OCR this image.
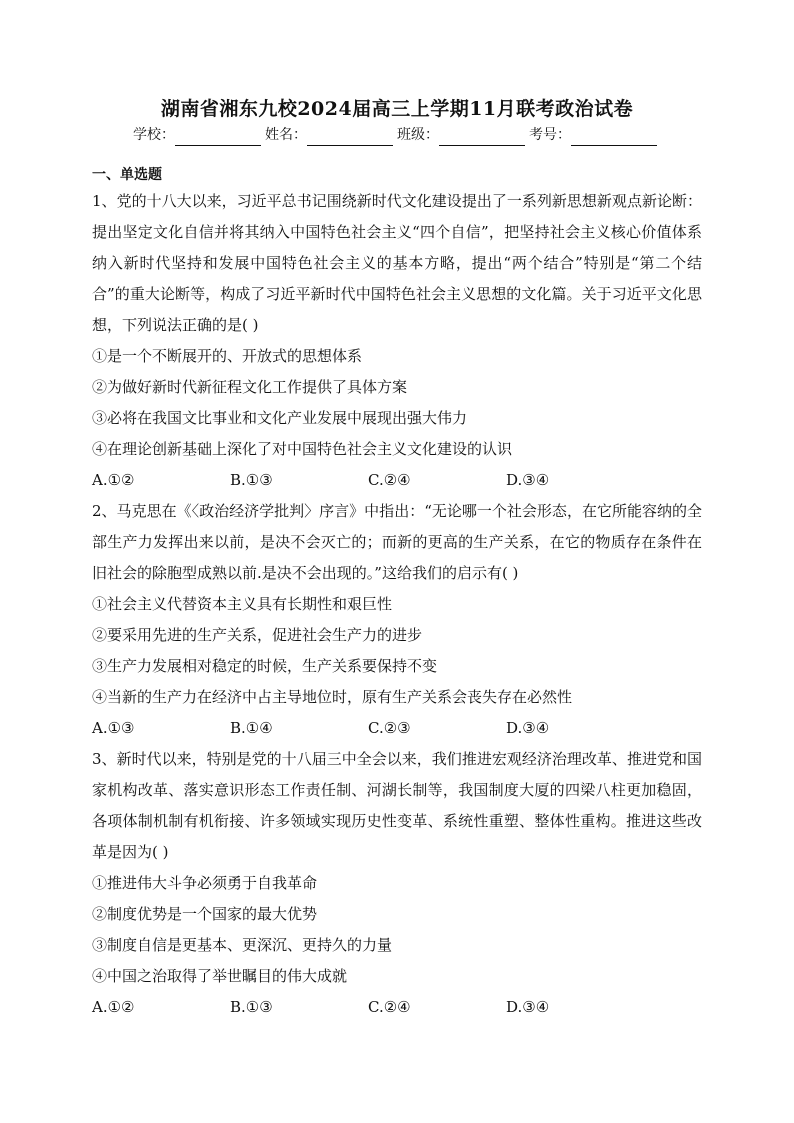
湖南省湘东九校2024届高三上学期11月联考政治试卷
学校：	姓名：	班级：	考号：
一、单选题

1、党的十八大以来，习近平总书记围绕新时代文化建设提出了一系列新思想新观点新论断：提出坚定文化自信并将其纳入中国特色社会主义“四个自信”，把坚持社会主义核心价值体系纳入新时代坚持和发展中国特色社会主义的基本方略，提出“两个结合”特别是“第二个结合”的重大论断等，构成了习近平新时代中国特色社会主义思想的文化篇。关于习近平文化思想，下列说法正确的是( )

①是一个不断展开的、开放式的思想体系

②为做好新时代新征程文化工作提供了具体方案

③必将在我国文比事业和文化产业发展中展现出强大伟力

④在理论创新基础上深化了对中国特色社会主义文化建设的认识

A.①②	B.①③	C.②④	D.③④

2、马克思在《〈政治经济学批判〉序言》中指出：“无论哪一个社会形态，在它所能容纳的全部生产力发挥出来以前，是决不会灭亡的；而新的更高的生产关系，在它的物质存在条件在旧社会的除胞型成熟以前.是决不会出现的。”这给我们的启示有( )

①社会主义代替资本主义具有长期性和艰巨性

②要采用先进的生产关系，促进社会生产力的进步

③生产力发展相对稳定的时候，生产关系要保持不变

④当新的生产力在经济中占主导地位时，原有生产关系会丧失存在必然性

A.①③	B.①④	C.②③	D.③④

3、新时代以来，特别是党的十八届三中全会以来，我们推进宏观经济治理改革、推进党和国家机构改革、落实意识形态工作责任制、河湖长制等，我国制度大厦的四梁八柱更加稳固，各项体制机制有机衔接、许多领域实现历史性变革、系统性重塑、整体性重构。推进这些改革是因为( )

①推进伟大斗争必须勇于自我革命

②制度优势是一个国家的最大优势

③制度自信是更基本、更深沉、更持久的力量

④中国之治取得了举世瞩目的伟大成就

A.①②	B.①③	C.②④	D.③④
